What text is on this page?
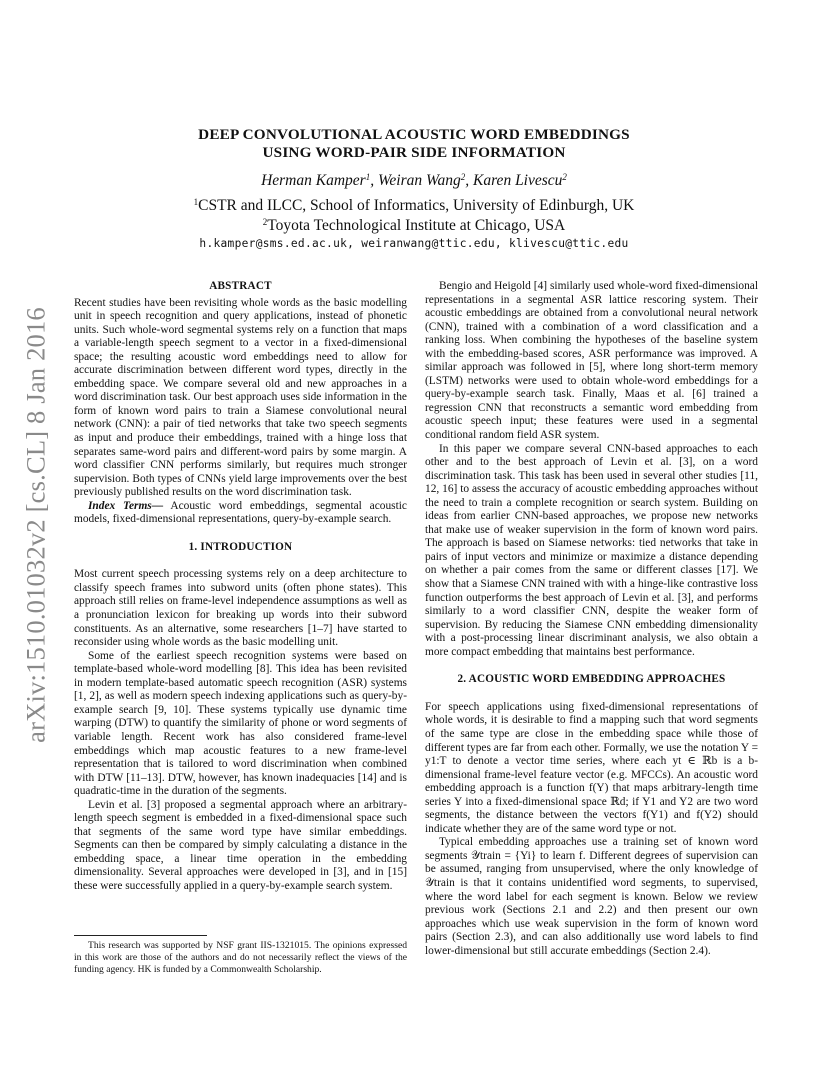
arXiv:1510.01032v2 [cs.CL] 8 Jan 2016
DEEP CONVOLUTIONAL ACOUSTIC WORD EMBEDDINGS
USING WORD-PAIR SIDE INFORMATION
Herman Kamper$^1$, Weiran Wang$^2$, Karen Livescu$^2$
$^1$CSTR and ILCC, School of Informatics, University of Edinburgh, UK
$^2$Toyota Technological Institute at Chicago, USA
h.kamper@sms.ed.ac.uk, weiranwang@ttic.edu, klivescu@ttic.edu

ABSTRACT

Recent studies have been revisiting whole words as the basic modelling unit in speech recognition and query applications, instead of phonetic units. Such whole-word segmental systems rely on a function that maps a variable-length speech segment to a vector in a fixed-dimensional space; the resulting acoustic word embeddings need to allow for accurate discrimination between different word types, directly in the embedding space. We compare several old and new approaches in a word discrimination task. Our best approach uses side information in the form of known word pairs to train a Siamese convolutional neural network (CNN): a pair of tied networks that take two speech segments as input and produce their embeddings, trained with a hinge loss that separates same-word pairs and different-word pairs by some margin. A word classifier CNN performs similarly, but requires much stronger supervision. Both types of CNNs yield large improvements over the best previously published results on the word discrimination task.

Index Terms— Acoustic word embeddings, segmental acoustic models, fixed-dimensional representations, query-by-example search.

1. INTRODUCTION

Most current speech processing systems rely on a deep architecture to classify speech frames into subword units (often phone states). This approach still relies on frame-level independence assumptions as well as a pronunciation lexicon for breaking up words into their subword constituents. As an alternative, some researchers [1–7] have started to reconsider using whole words as the basic modelling unit.

Some of the earliest speech recognition systems were based on template-based whole-word modelling [8]. This idea has been revisited in modern template-based automatic speech recognition (ASR) systems [1, 2], as well as modern speech indexing applications such as query-by-example search [9, 10]. These systems typically use dynamic time warping (DTW) to quantify the similarity of phone or word segments of variable length. Recent work has also considered frame-level embeddings which map acoustic features to a new frame-level representation that is tailored to word discrimination when combined with DTW [11–13]. DTW, however, has known inadequacies [14] and is quadratic-time in the duration of the segments.

Levin et al. [3] proposed a segmental approach where an arbitrary-length speech segment is embedded in a fixed-dimensional space such that segments of the same word type have similar embeddings. Segments can then be compared by simply calculating a distance in the embedding space, a linear time operation in the embedding dimensionality. Several approaches were developed in [3], and in [15] these were successfully applied in a query-by-example search system.

This research was supported by NSF grant IIS-1321015. The opinions expressed in this work are those of the authors and do not necessarily reflect the views of the funding agency. HK is funded by a Commonwealth Scholarship.

Bengio and Heigold [4] similarly used whole-word fixed-dimensional representations in a segmental ASR lattice rescoring system. Their acoustic embeddings are obtained from a convolutional neural network (CNN), trained with a combination of a word classification and a ranking loss. When combining the hypotheses of the baseline system with the embedding-based scores, ASR performance was improved. A similar approach was followed in [5], where long short-term memory (LSTM) networks were used to obtain whole-word embeddings for a query-by-example search task. Finally, Maas et al. [6] trained a regression CNN that reconstructs a semantic word embedding from acoustic speech input; these features were used in a segmental conditional random field ASR system.

In this paper we compare several CNN-based approaches to each other and to the best approach of Levin et al. [3], on a word discrimination task. This task has been used in several other studies [11, 12, 16] to assess the accuracy of acoustic embedding approaches without the need to train a complete recognition or search system. Building on ideas from earlier CNN-based approaches, we propose new networks that make use of weaker supervision in the form of known word pairs. The approach is based on Siamese networks: tied networks that take in pairs of input vectors and minimize or maximize a distance depending on whether a pair comes from the same or different classes [17]. We show that a Siamese CNN trained with with a hinge-like contrastive loss function outperforms the best approach of Levin et al. [3], and performs similarly to a word classifier CNN, despite the weaker form of supervision. By reducing the Siamese CNN embedding dimensionality with a post-processing linear discriminant analysis, we also obtain a more compact embedding that maintains best performance.

2. ACOUSTIC WORD EMBEDDING APPROACHES

For speech applications using fixed-dimensional representations of whole words, it is desirable to find a mapping such that word segments of the same type are close in the embedding space while those of different types are far from each other. Formally, we use the notation Y = y1:T to denote a vector time series, where each yt ∈ ℝb is a b-dimensional frame-level feature vector (e.g. MFCCs). An acoustic word embedding approach is a function f(Y) that maps arbitrary-length time series Y into a fixed-dimensional space ℝd; if Y1 and Y2 are two word segments, the distance between the vectors f(Y1) and f(Y2) should indicate whether they are of the same word type or not.

Typical embedding approaches use a training set of known word segments 𝒴train = {Yi} to learn f. Different degrees of supervision can be assumed, ranging from unsupervised, where the only knowledge of 𝒴train is that it contains unidentified word segments, to supervised, where the word label for each segment is known. Below we review previous work (Sections 2.1 and 2.2) and then present our own approaches which use weak supervision in the form of known word pairs (Section 2.3), and can also additionally use word labels to find lower-dimensional but still accurate embeddings (Section 2.4).
